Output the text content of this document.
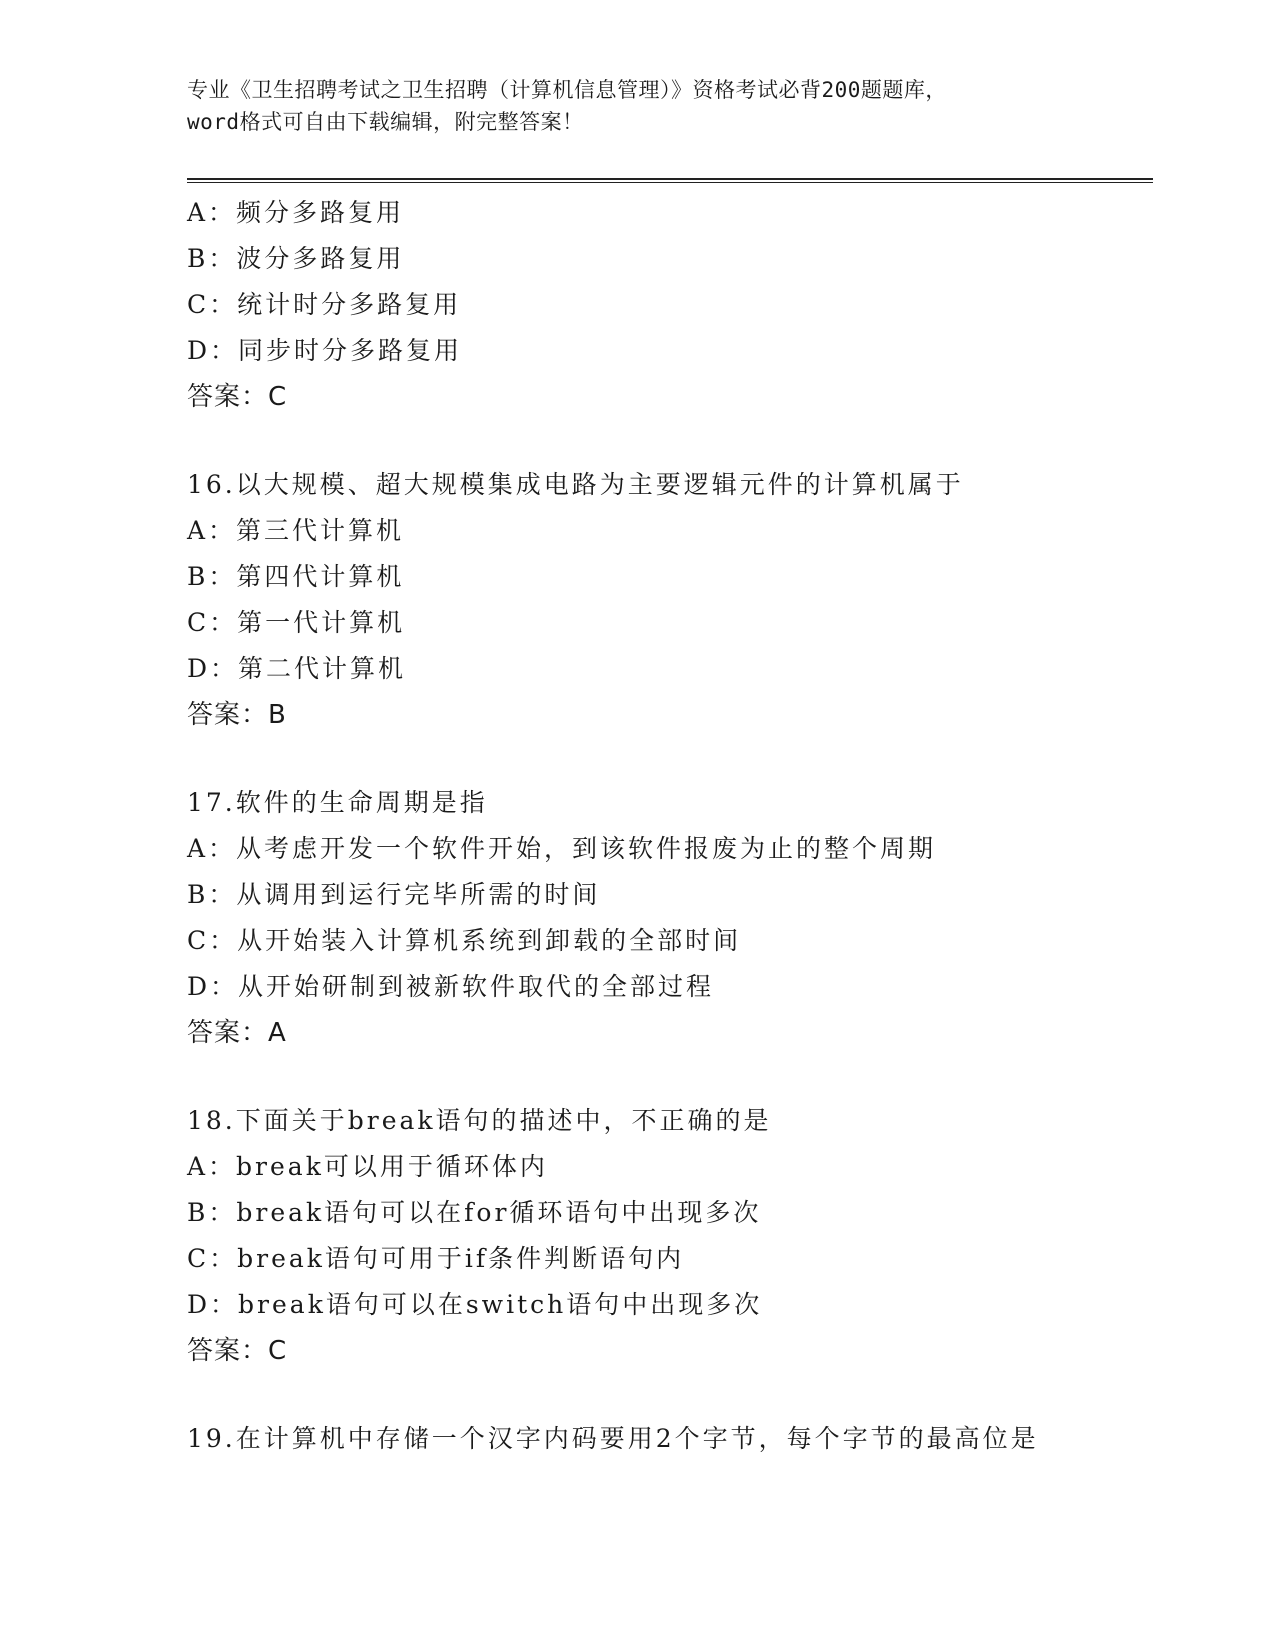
专业《卫生招聘考试之卫生招聘（计算机信息管理）》资格考试必背200题题库，
word格式可自由下载编辑，附完整答案！
A：频分多路复用
B：波分多路复用
C：统计时分多路复用
D：同步时分多路复用
答案：C
16.以大规模、超大规模集成电路为主要逻辑元件的计算机属于
A：第三代计算机
B：第四代计算机
C：第一代计算机
D：第二代计算机
答案：B
17.软件的生命周期是指
A：从考虑开发一个软件开始，到该软件报废为止的整个周期
B：从调用到运行完毕所需的时间
C：从开始装入计算机系统到卸载的全部时间
D：从开始研制到被新软件取代的全部过程
答案：A
18.下面关于break语句的描述中，不正确的是
A：break可以用于循环体内
B：break语句可以在for循环语句中出现多次
C：break语句可用于if条件判断语句内
D：break语句可以在switch语句中出现多次
答案：C
19.在计算机中存储一个汉字内码要用2个字节，每个字节的最高位是
